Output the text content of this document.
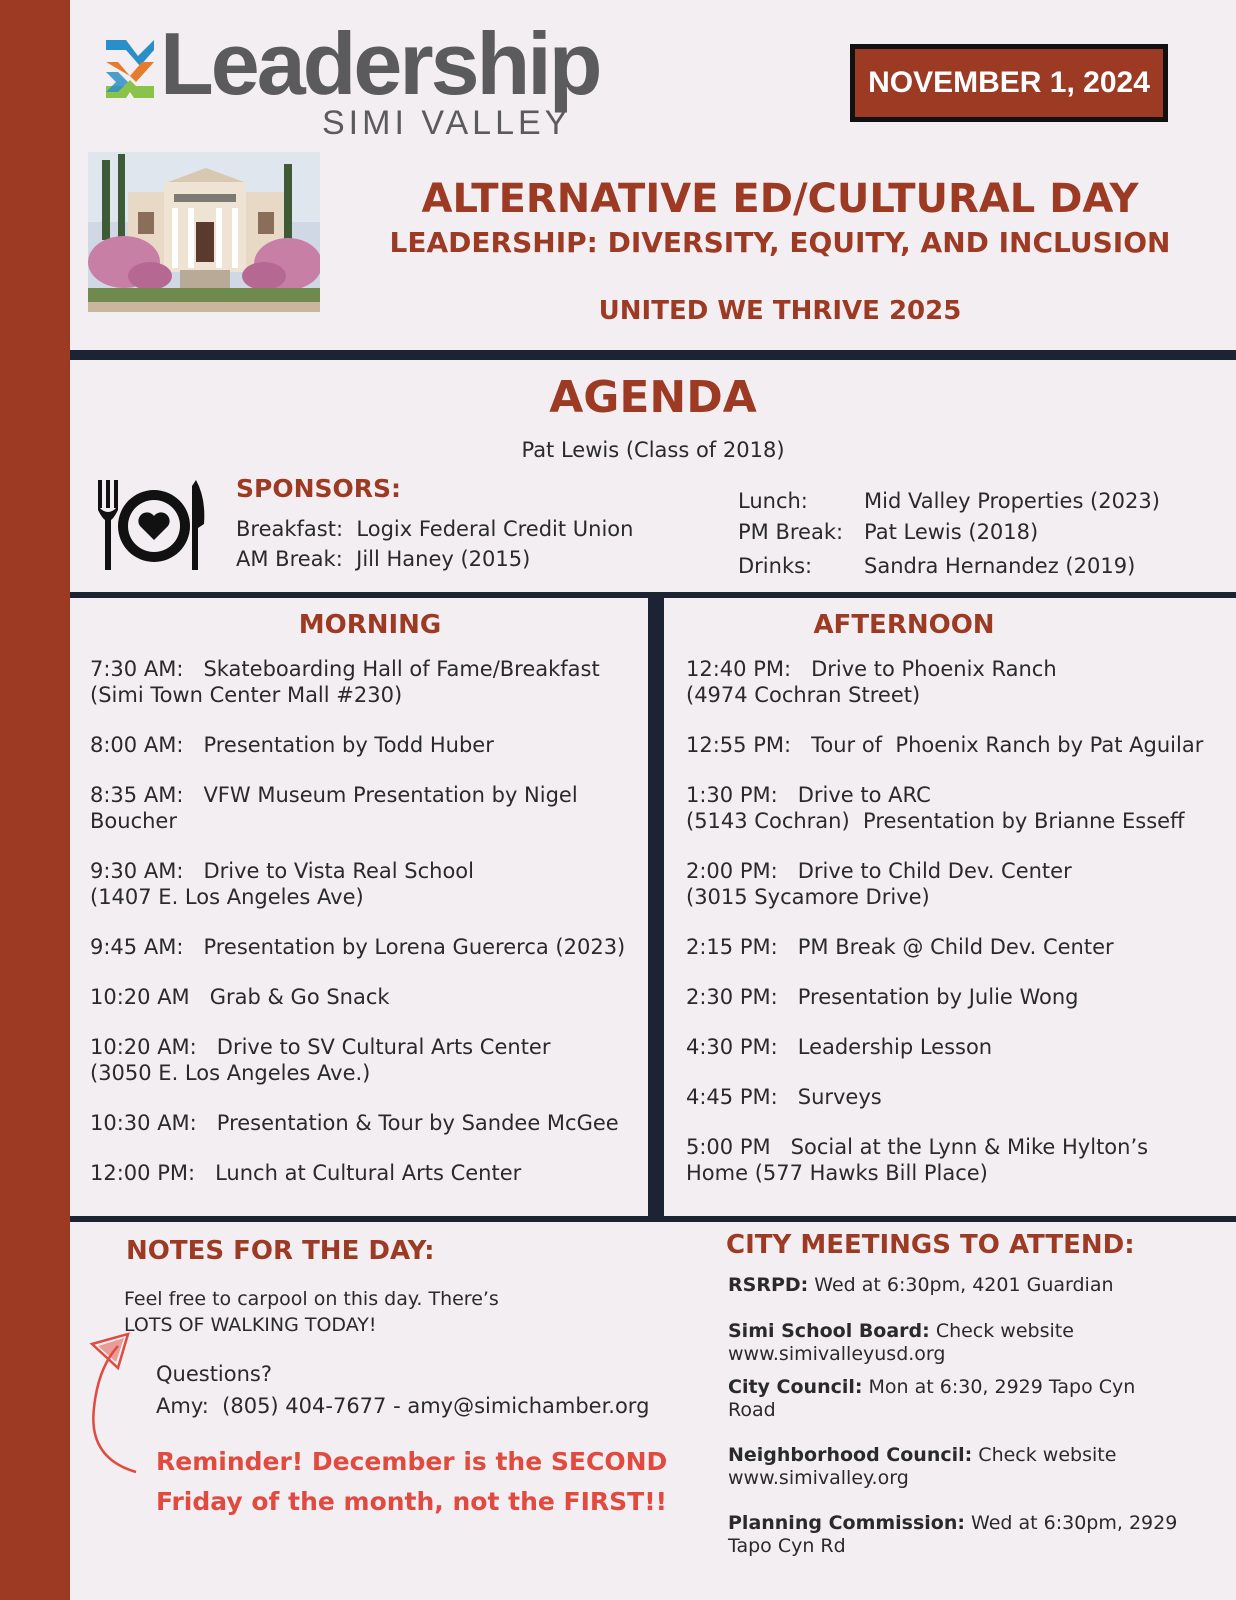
Leadership
SIMI VALLEY
NOVEMBER 1, 2024
ALTERNATIVE ED/CULTURAL DAY
LEADERSHIP: DIVERSITY, EQUITY, AND INCLUSION
UNITED WE THRIVE 2025
AGENDA
Pat Lewis (Class of 2018)
SPONSORS:
Breakfast: Logix Federal Credit Union
AM Break: Jill Haney (2015)
Lunch:	Mid Valley Properties (2023)
PM Break: Pat Lewis (2018)
Drinks: Sandra Hernandez (2019)
MORNING
7:30 AM: Skateboarding Hall of Fame/Breakfast
(Simi Town Center Mall #230)
8:00 AM: Presentation by Todd Huber
8:35 AM: VFW Museum Presentation by Nigel
Boucher
9:30 AM: Drive to Vista Real School
(1407 E. Los Angeles Ave)
9:45 AM: Presentation by Lorena Guererca (2023)
10:20 AM Grab & Go Snack
10:20 AM: Drive to SV Cultural Arts Center
(3050 E. Los Angeles Ave.)
10:30 AM: Presentation & Tour by Sandee McGee
12:00 PM: Lunch at Cultural Arts Center
AFTERNOON
12:40 PM: Drive to Phoenix Ranch
(4974 Cochran Street)
12:55 PM: Tour of  Phoenix Ranch by Pat Aguilar
1:30 PM: Drive to ARC
(5143 Cochran)  Presentation by Brianne Esseff
2:00 PM: Drive to Child Dev. Center
(3015 Sycamore Drive)
2:15 PM: PM Break @ Child Dev. Center
2:30 PM: Presentation by Julie Wong
4:30 PM: Leadership Lesson
4:45 PM: Surveys
5:00 PM Social at the Lynn & Mike Hylton’s
Home (577 Hawks Bill Place)
NOTES FOR THE DAY:
Feel free to carpool on this day. There’s
LOTS OF WALKING TODAY!
Questions?
Amy:  (805) 404-7677 - amy@simichamber.org
Reminder! December is the SECOND
Friday of the month, not the FIRST!!
CITY MEETINGS TO ATTEND:
RSRPD: Wed at 6:30pm, 4201 Guardian
Simi School Board: Check website www.simivalleyusd.org
City Council: Mon at 6:30, 2929 Tapo Cyn Road
Neighborhood Council: Check website www.simivalley.org
Planning Commission: Wed at 6:30pm, 2929 Tapo Cyn Rd
